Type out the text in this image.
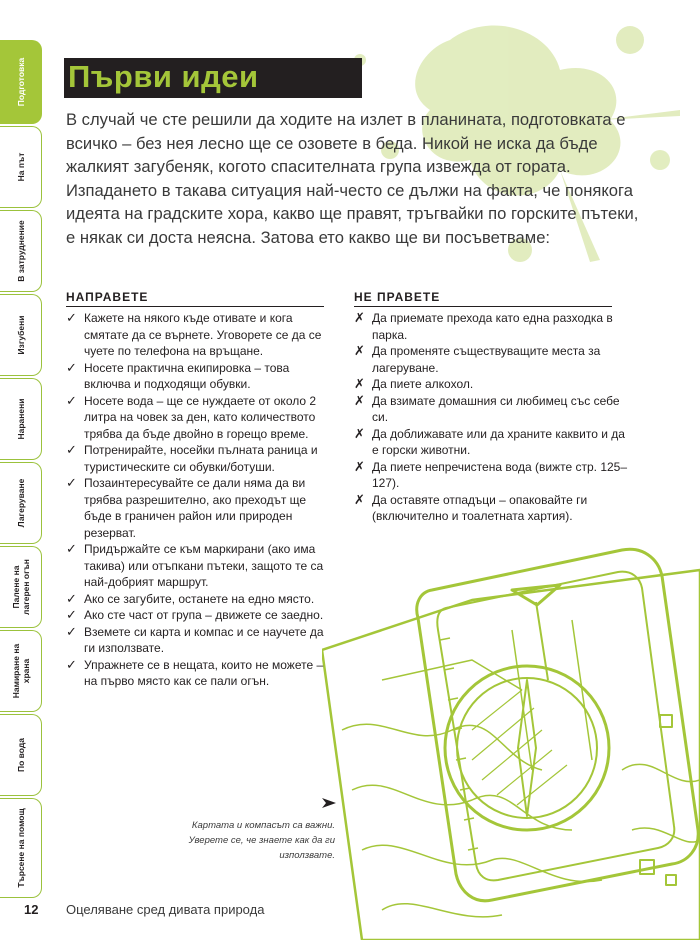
Подготовка
На път
В затруднение
Изгубени
Наранени
Лагеруване
Палене на лагерен огън
Намиране на храна
По вода
Търсене на помощ
Първи идеи

В случай че сте решили да ходите на излет в планината, подготовката е всичко – без нея лесно ще се озовете в беда. Никой не иска да бъде жалкият загубеняк, когото спасителната група извежда от гората. Изпадането в такава ситуация най-често се дължи на факта, че понякога идеята на градските хора, какво ще правят, тръгвайки по горските пътеки, е някак си доста неясна. Затова ето какво ще ви посъветваме:

НАПРАВЕТЕ
✓ Кажете на някого къде отивате и кога смятате да се върнете. Уговорете се да се чуете по телефона на връщане.
✓ Носете практична екипировка – това включва и подходящи обувки.
✓ Носете вода – ще се нуждаете от около 2 литра на човек за ден, като количеството трябва да бъде двойно в горещо време.
✓ Потренирайте, носейки пълната раница и туристическите си обувки/ботуши.
✓ Позаинтересувайте се дали няма да ви трябва разрешително, ако преходът ще бъде в граничен район или природен резерват.
✓ Придържайте се към маркирани (ако има такива) или отъпкани пътеки, защото те са най-добрият маршрут.
✓ Ако се загубите, останете на едно място.
✓ Ако сте част от група – движете се заедно.
✓ Вземете си карта и компас и се научете да ги използвате.
✓ Упражнете се в нещата, които не можете – на първо място как се пали огън.
НЕ ПРАВЕТЕ
✗ Да приемате прехода като една разходка в парка.
✗ Да променяте съществуващите места за лагеруване.
✗ Да пиете алкохол.
✗ Да взимате домашния си любимец със себе си.
✗ Да доближавате или да храните каквито и да е горски животни.
✗ Да пиете непречистена вода (вижте стр. 125–127).
✗ Да оставяте отпадъци – опаковайте ги (включително и тоалетната хартия).
Картата и компасът са важни. Уверете се, че знаете как да ги използвате.
12 Оцеляване сред дивата природа
